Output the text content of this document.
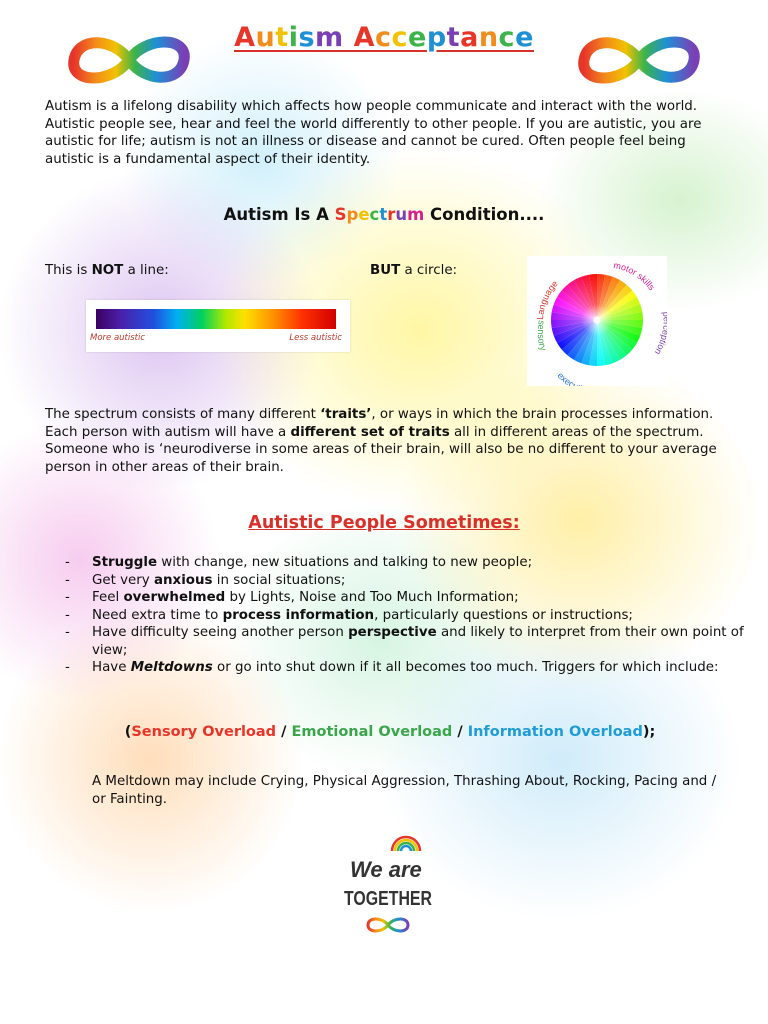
Autism Acceptance
Autism is a lifelong disability which affects how people communicate and interact with the world. Autistic people see, hear and feel the world differently to other people. If you are autistic, you are autistic for life; autism is not an illness or disease and cannot be cured. Often people feel being autistic is a fundamental aspect of their identity.
Autism Is A Spectrum Condition....
This is NOT a line:	BUT a circle:
More autistic	Less autistic
Language
motor skills
ion
exec
sensory
The spectrum consists of many different ‘traits’, or ways in which the brain processes information. Each person with autism will have a different set of traits all in different areas of the spectrum. Someone who is ‘neurodiverse in some areas of their brain, will also be no different to your average person in other areas of their brain.
Autistic People Sometimes:
- Struggle with change, new situations and talking to new people;
- Get very anxious in social situations;
- Feel overwhelmed by Lights, Noise and Too Much Information;
- Need extra time to process information, particularly questions or instructions;
- Have difficulty seeing another person perspective and likely to interpret from their own point of view;
- Have Meltdowns or go into shut down if it all becomes too much. Triggers for which include:
(Sensory Overload / Emotional Overload / Information Overload);
A Meltdown may include Crying, Physical Aggression, Thrashing About, Rocking, Pacing and / or Fainting.
We are
TOGETHER
